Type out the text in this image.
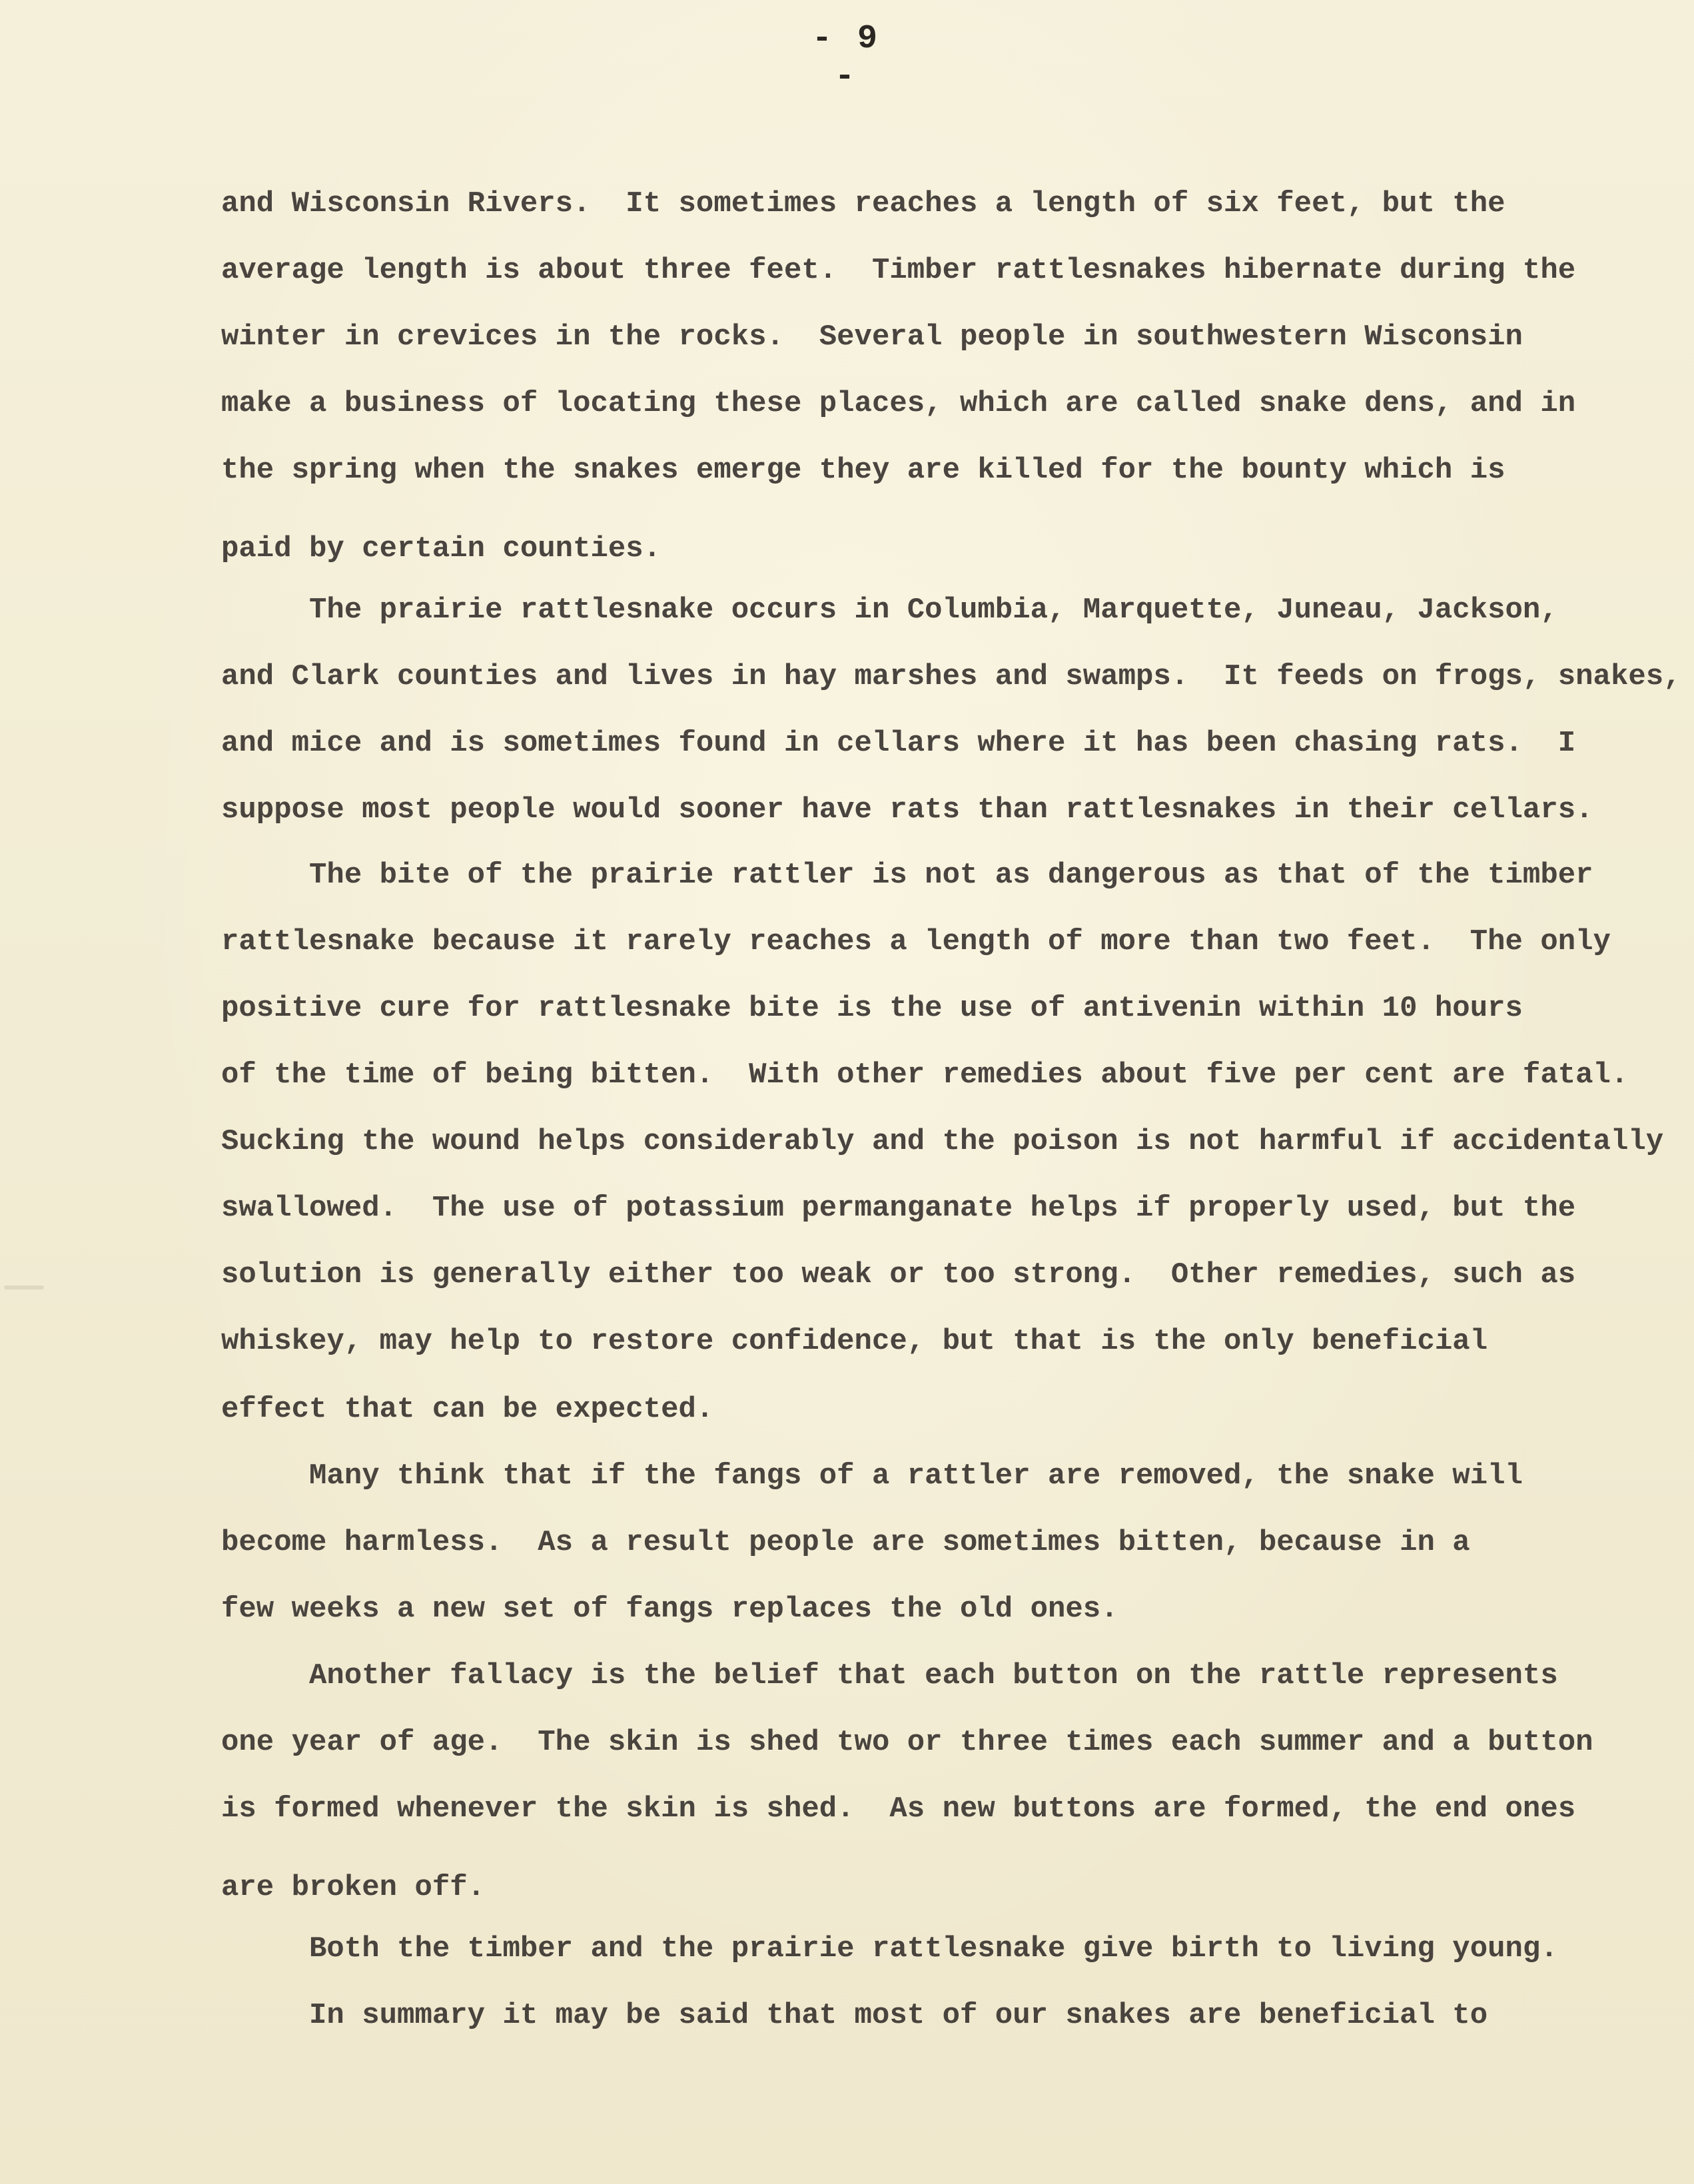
- 9 -
and Wisconsin Rivers.  It sometimes reaches a length of six feet, but the
average length is about three feet.  Timber rattlesnakes hibernate during the
winter in crevices in the rocks.  Several people in southwestern Wisconsin
make a business of locating these places, which are called snake dens, and in
the spring when the snakes emerge they are killed for the bounty which is
paid by certain counties.
The prairie rattlesnake occurs in Columbia, Marquette, Juneau, Jackson,
and Clark counties and lives in hay marshes and swamps.  It feeds on frogs, snakes,
and mice and is sometimes found in cellars where it has been chasing rats.  I
suppose most people would sooner have rats than rattlesnakes in their cellars.
The bite of the prairie rattler is not as dangerous as that of the timber
rattlesnake because it rarely reaches a length of more than two feet.  The only
positive cure for rattlesnake bite is the use of antivenin within 10 hours
of the time of being bitten.  With other remedies about five per cent are fatal.
Sucking the wound helps considerably and the poison is not harmful if accidentally
swallowed.  The use of potassium permanganate helps if properly used, but the
solution is generally either too weak or too strong.  Other remedies, such as
whiskey, may help to restore confidence, but that is the only beneficial
effect that can be expected.
Many think that if the fangs of a rattler are removed, the snake will
become harmless.  As a result people are sometimes bitten, because in a
few weeks a new set of fangs replaces the old ones.
Another fallacy is the belief that each button on the rattle represents
one year of age.  The skin is shed two or three times each summer and a button
is formed whenever the skin is shed.  As new buttons are formed, the end ones
are broken off.
Both the timber and the prairie rattlesnake give birth to living young.
In summary it may be said that most of our snakes are beneficial to
